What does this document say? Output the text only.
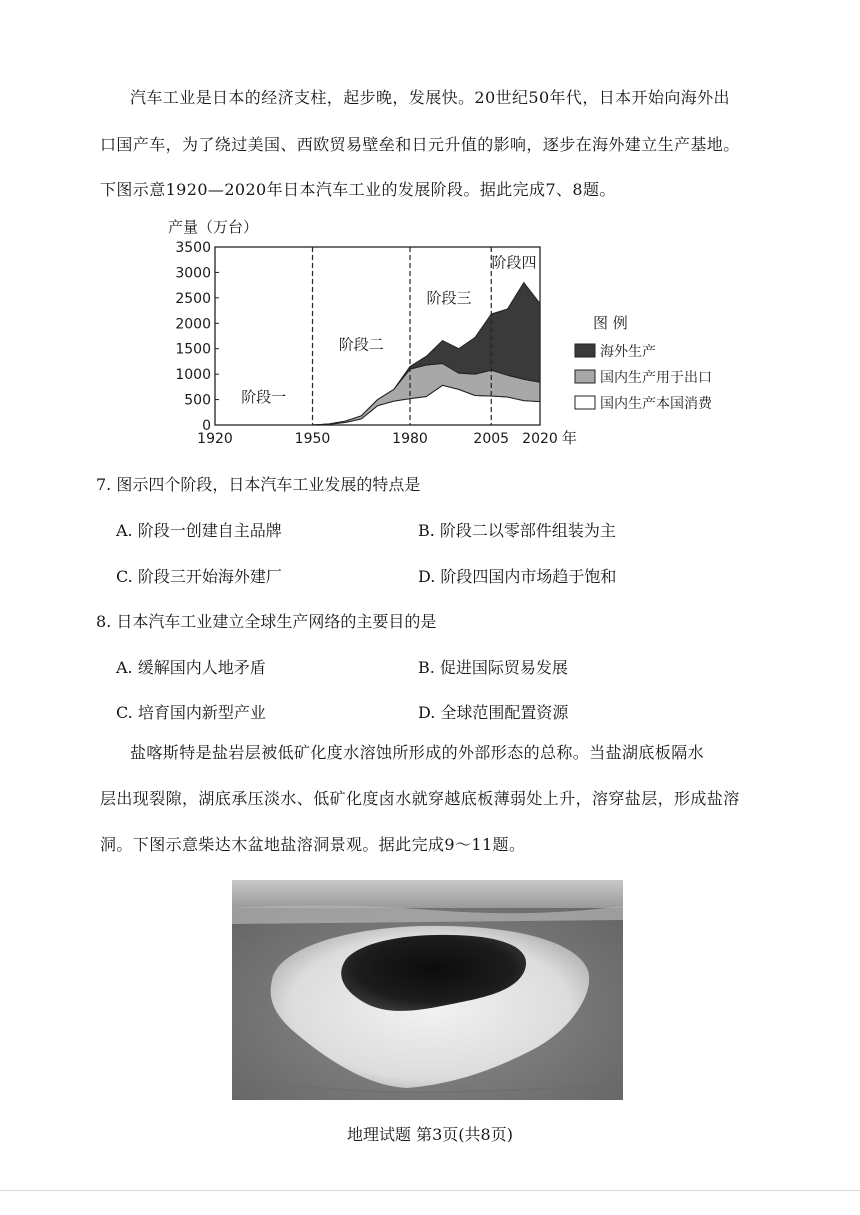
汽车工业是日本的经济支柱，起步晚，发展快。20世纪50年代，日本开始向海外出
口国产车，为了绕过美国、西欧贸易壁垒和日元升值的影响，逐步在海外建立生产基地。
下图示意1920—2020年日本汽车工业的发展阶段。据此完成7、8题。
产量（万台）
0
500
1000
1500
2000
2500
3000
3500
1920	1950	1980	2005 2020 年
阶段一
阶段二
阶段三
阶段四
图 例
海外生产
国内生产用于出口
国内生产本国消费
7. 图示四个阶段，日本汽车工业发展的特点是
A. 阶段一创建自主品牌	B. 阶段二以零部件组装为主
C. 阶段三开始海外建厂	D. 阶段四国内市场趋于饱和
8. 日本汽车工业建立全球生产网络的主要目的是
A. 缓解国内人地矛盾	B. 促进国际贸易发展
C. 培育国内新型产业	D. 全球范围配置资源
盐喀斯特是盐岩层被低矿化度水溶蚀所形成的外部形态的总称。当盐湖底板隔水
层出现裂隙，湖底承压淡水、低矿化度卤水就穿越底板薄弱处上升，溶穿盐层，形成盐溶
洞。下图示意柴达木盆地盐溶洞景观。据此完成9～11题。
地理试题 第3页(共8页)
